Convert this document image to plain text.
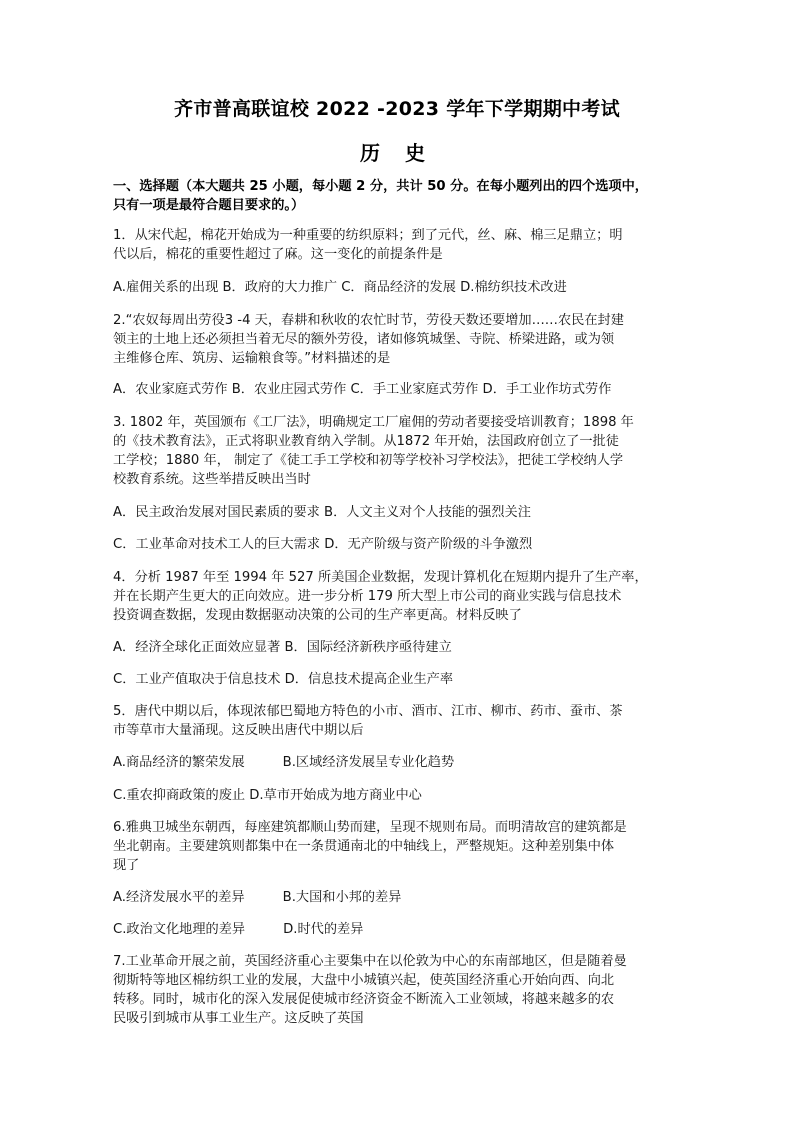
齐市普高联谊校 2022 -2023 学年下学期期中考试
历 史
一、选择题（本大题共 25 小题，每小题 2 分，共计 50 分。在每小题列出的四个选项中，
只有一项是最符合题目要求的。）
1．从宋代起，棉花开始成为一种重要的纺织原料；到了元代，丝、麻、棉三足鼎立；明
代以后，棉花的重要性超过了麻。这一变化的前提条件是
A.雇佣关系的出现 B．政府的大力推广 C．商品经济的发展 D.棉纺织技术改进
2.“农奴每周出劳役3 -4 天，春耕和秋收的农忙时节，劳役天数还要增加……农民在封建
领主的土地上还必须担当着无尽的额外劳役，诸如修筑城堡、寺院、桥梁进路，或为领
主维修仓库、筑房、运输粮食等。”材料描述的是
A．农业家庭式劳作 B．农业庄园式劳作 C．手工业家庭式劳作 D．手工业作坊式劳作
3. 1802 年，英国颁布《工厂法》，明确规定工厂雇佣的劳动者要接受培训教育；1898 年
的《技术教育法》，正式将职业教育纳入学制。从1872 年开始，法国政府创立了一批徒
工学校；1880 年， 制定了《徒工手工学校和初等学校补习学校法》，把徒工学校纳人学
校教育系统。这些举措反映出当时
A．民主政治发展对国民素质的要求 B．人文主义对个人技能的强烈关注
C．工业革命对技术工人的巨大需求 D．无产阶级与资产阶级的斗争激烈
4．分析 1987 年至 1994 年 527 所美国企业数据，发现计算机化在短期内提升了生产率，
并在长期产生更大的正向效应。进一步分析 179 所大型上市公司的商业实践与信息技术
投资调查数据，发现由数据驱动决策的公司的生产率更高。材料反映了
A．经济全球化正面效应显著 B．国际经济新秩序亟待建立
C．工业产值取决于信息技术 D．信息技术提高企业生产率
5．唐代中期以后，体现浓郁巴蜀地方特色的小市、酒市、江市、柳市、药市、蚕市、茶
市等草市大量涌现。这反映出唐代中期以后
A.商品经济的繁荣发展	B.区域经济发展呈专业化趋势
C.重农抑商政策的废止 D.草市开始成为地方商业中心
6.雅典卫城坐东朝西，每座建筑都顺山势而建，呈现不规则布局。而明清故宫的建筑都是
坐北朝南。主要建筑则都集中在一条贯通南北的中轴线上，严整规矩。这种差别集中体
现了
A.经济发展水平的差异	B.大国和小邦的差异
C.政治文化地理的差异	D.时代的差异
7.工业革命开展之前，英国经济重心主要集中在以伦敦为中心的东南部地区，但是随着曼
彻斯特等地区棉纺织工业的发展，大盘中小城镇兴起，使英国经济重心开始向西、向北
转移。同时，城市化的深入发展促使城市经济资金不断流入工业领域，将越来越多的农
民吸引到城市从事工业生产。这反映了英国
